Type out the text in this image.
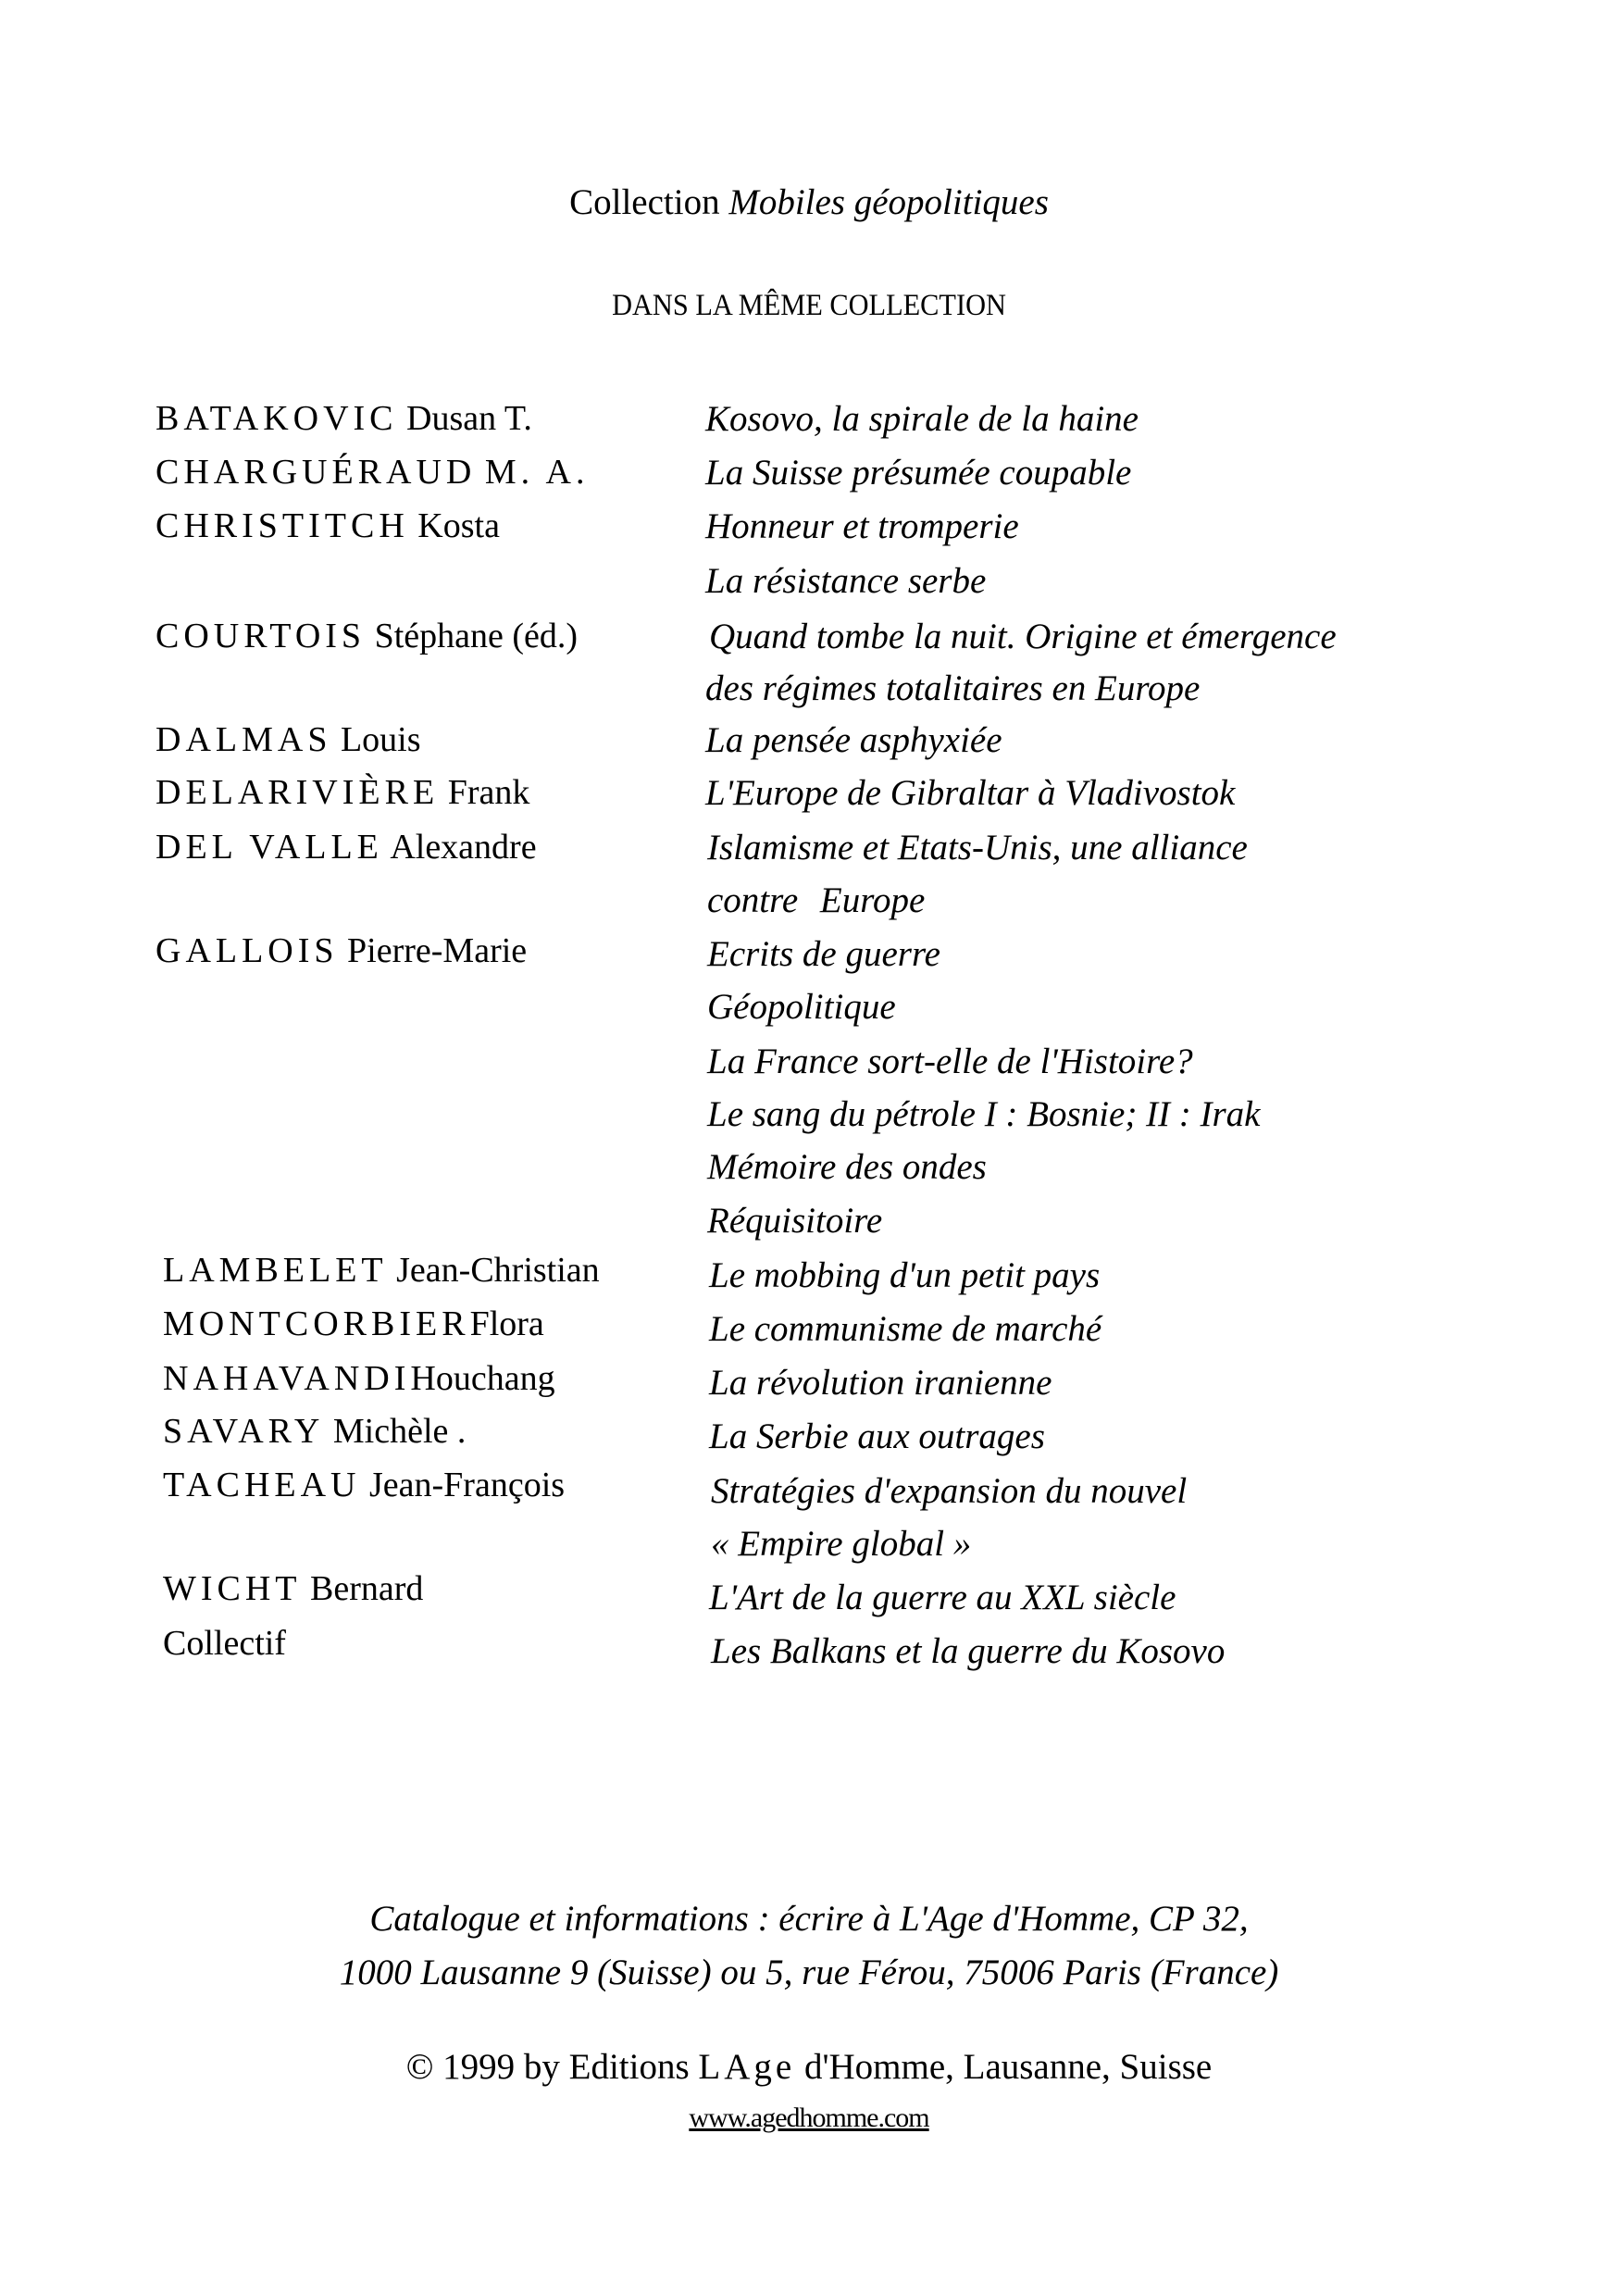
Collection Mobiles géopolitiques
DANS LA MÊME COLLECTION
BATAKOVIC Dusan T.
CHARGUÉRAUD M. A.
CHRISTITCH Kosta
COURTOIS Stéphane (éd.)
DALMAS Louis
DELARIVIÈRE Frank
DEL VALLE Alexandre
GALLOIS Pierre-Marie
LAMBELET Jean-Christian
MONTCORBIERFlora
NAHAVANDIHouchang
SAVARY Michèle .
TACHEAU Jean-François
WICHT Bernard
Collectif
Kosovo, la spirale de la haine
La Suisse présumée coupable
Honneur et tromperie
La résistance serbe
Quand tombe la nuit. Origine et émergence
des régimes totalitaires en Europe
La pensée asphyxiée
L'Europe de Gibraltar à Vladivostok
Islamisme et Etats-Unis, une alliance
contre Europe
Ecrits de guerre
Géopolitique
La France sort-elle de l'Histoire?
Le sang du pétrole I : Bosnie; II : Irak
Mémoire des ondes
Réquisitoire
Le mobbing d'un petit pays
Le communisme de marché
La révolution iranienne
La Serbie aux outrages
Stratégies d'expansion du nouvel
« Empire global »
L'Art de la guerre au XXL siècle
Les Balkans et la guerre du Kosovo
Catalogue et informations : écrire à L'Age d'Homme, CP 32,
1000 Lausanne 9 (Suisse) ou 5, rue Férou, 75006 Paris (France)
© 1999 by Editions LAge d'Homme, Lausanne, Suisse
www.agedhomme.com
